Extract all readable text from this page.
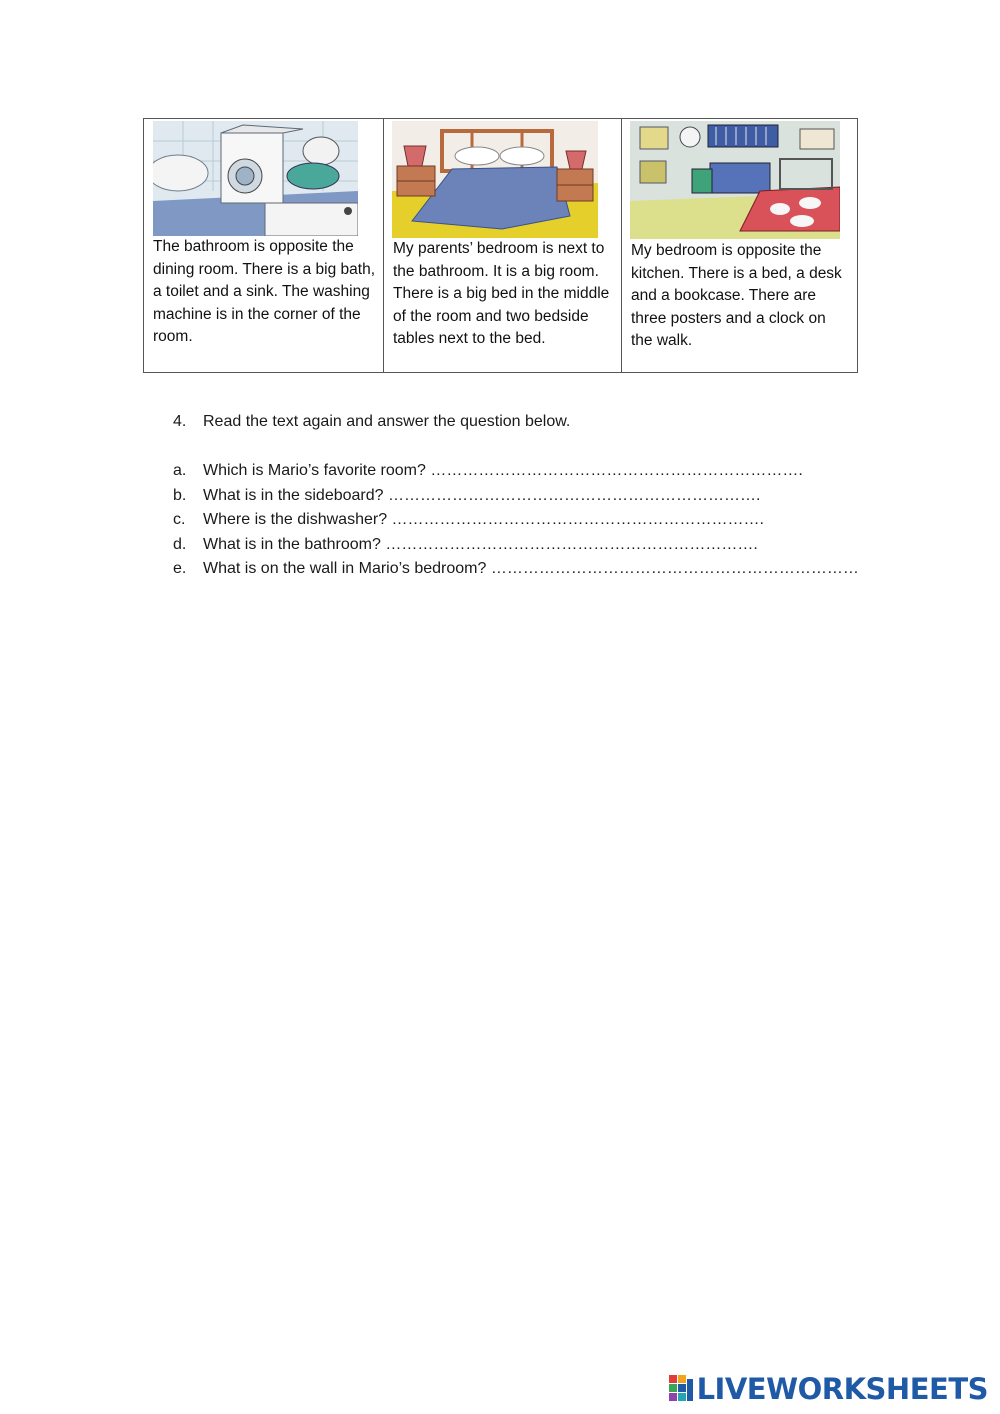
The bathroom is opposite the dining room. There is a big bath, a toilet and a sink. The washing machine is in the corner of the room.
My parents’ bedroom is next to the bathroom. It is a big room. There is a big bed in the middle of the room and two bedside tables next to the bed.
My bedroom is opposite the kitchen. There is a bed, a desk and a bookcase. There are three posters and a clock on the walk.
4. Read the text again and answer the question below.
a. Which is Mario’s favorite room? …………………………………………………………….
b. What is in the sideboard? …………………………………………………………….
c. Where is the dishwasher? …………………………………………………………….
d. What is in the bathroom? …………………………………………………………….
e. What is on the wall in Mario’s bedroom? ……………………………………………………………
LIVEWORKSHEETS
